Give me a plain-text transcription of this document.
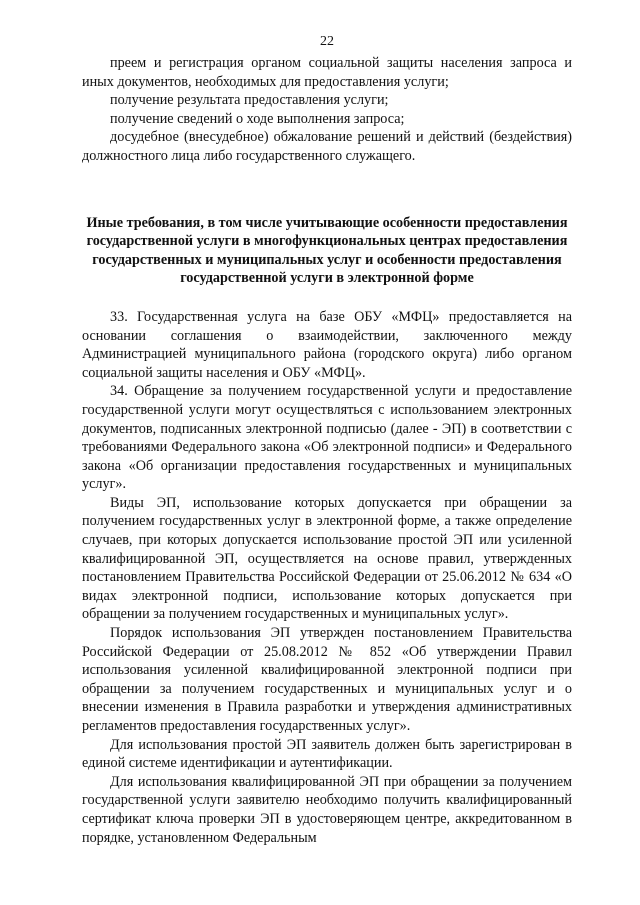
22

преем и регистрация органом социальной защиты населения запроса и иных документов, необходимых для предоставления услуги;

получение результата предоставления услуги;

получение сведений о ходе выполнения запроса;

досудебное (внесудебное) обжалование решений и действий (бездействия) должностного лица либо государственного служащего.

Иные требования, в том числе учитывающие особенности предоставления государственной услуги в многофункциональных центрах предоставления государственных и муниципальных услуг и особенности предоставления государственной услуги в электронной форме

33. Государственная услуга на базе ОБУ «МФЦ» предоставляется на основании соглашения о взаимодействии, заключенного между Администрацией муниципального района (городского округа) либо органом социальной защиты населения и ОБУ «МФЦ».

34. Обращение за получением государственной услуги и предоставление государственной услуги могут осуществляться с использованием электронных документов, подписанных электронной подписью (далее - ЭП) в соответствии с требованиями Федерального закона «Об электронной подписи» и Федерального закона «Об организации предоставления государственных и муниципальных услуг».

Виды ЭП, использование которых допускается при обращении за получением государственных услуг в электронной форме, а также определение случаев, при которых допускается использование простой ЭП или усиленной квалифицированной ЭП, осуществляется на основе правил, утвержденных постановлением Правительства Российской Федерации от 25.06.2012 № 634 «О видах электронной подписи, использование которых допускается при обращении за получением государственных и муниципальных услуг».

Порядок использования ЭП утвержден постановлением Правительства Российской Федерации от 25.08.2012 № 852 «Об утверждении Правил использования усиленной квалифицированной электронной подписи при обращении за получением государственных и муниципальных услуг и о внесении изменения в Правила разработки и утверждения административных регламентов предоставления государственных услуг».

Для использования простой ЭП заявитель должен быть зарегистрирован в единой системе идентификации и аутентификации.

Для использования квалифицированной ЭП при обращении за получением государственной услуги заявителю необходимо получить квалифицированный сертификат ключа проверки ЭП в удостоверяющем центре, аккредитованном в порядке, установленном Федеральным
